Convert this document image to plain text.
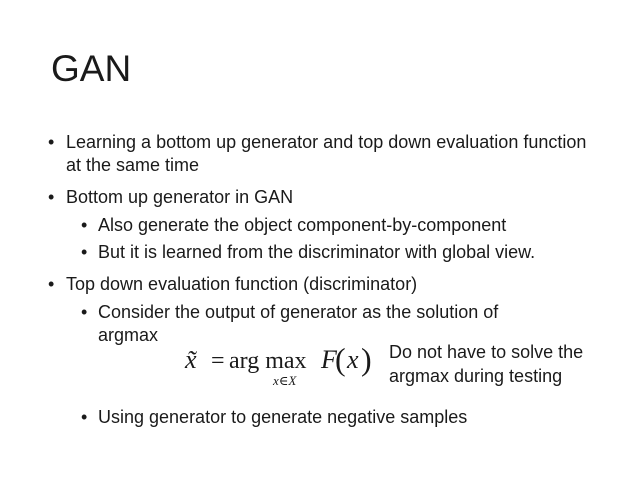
GAN
• Learning a bottom up generator and top down evaluation function at the same time
• Bottom up generator in GAN
• Also generate the object component-by-component
• But it is learned from the discriminator with global view.
• Top down evaluation function (discriminator)
• Consider the output of generator as the solution of argmax
x̃ = arg max
x∈X
F
( x ) Do not have to solve the
argmax during testing
• Using generator to generate negative samples
